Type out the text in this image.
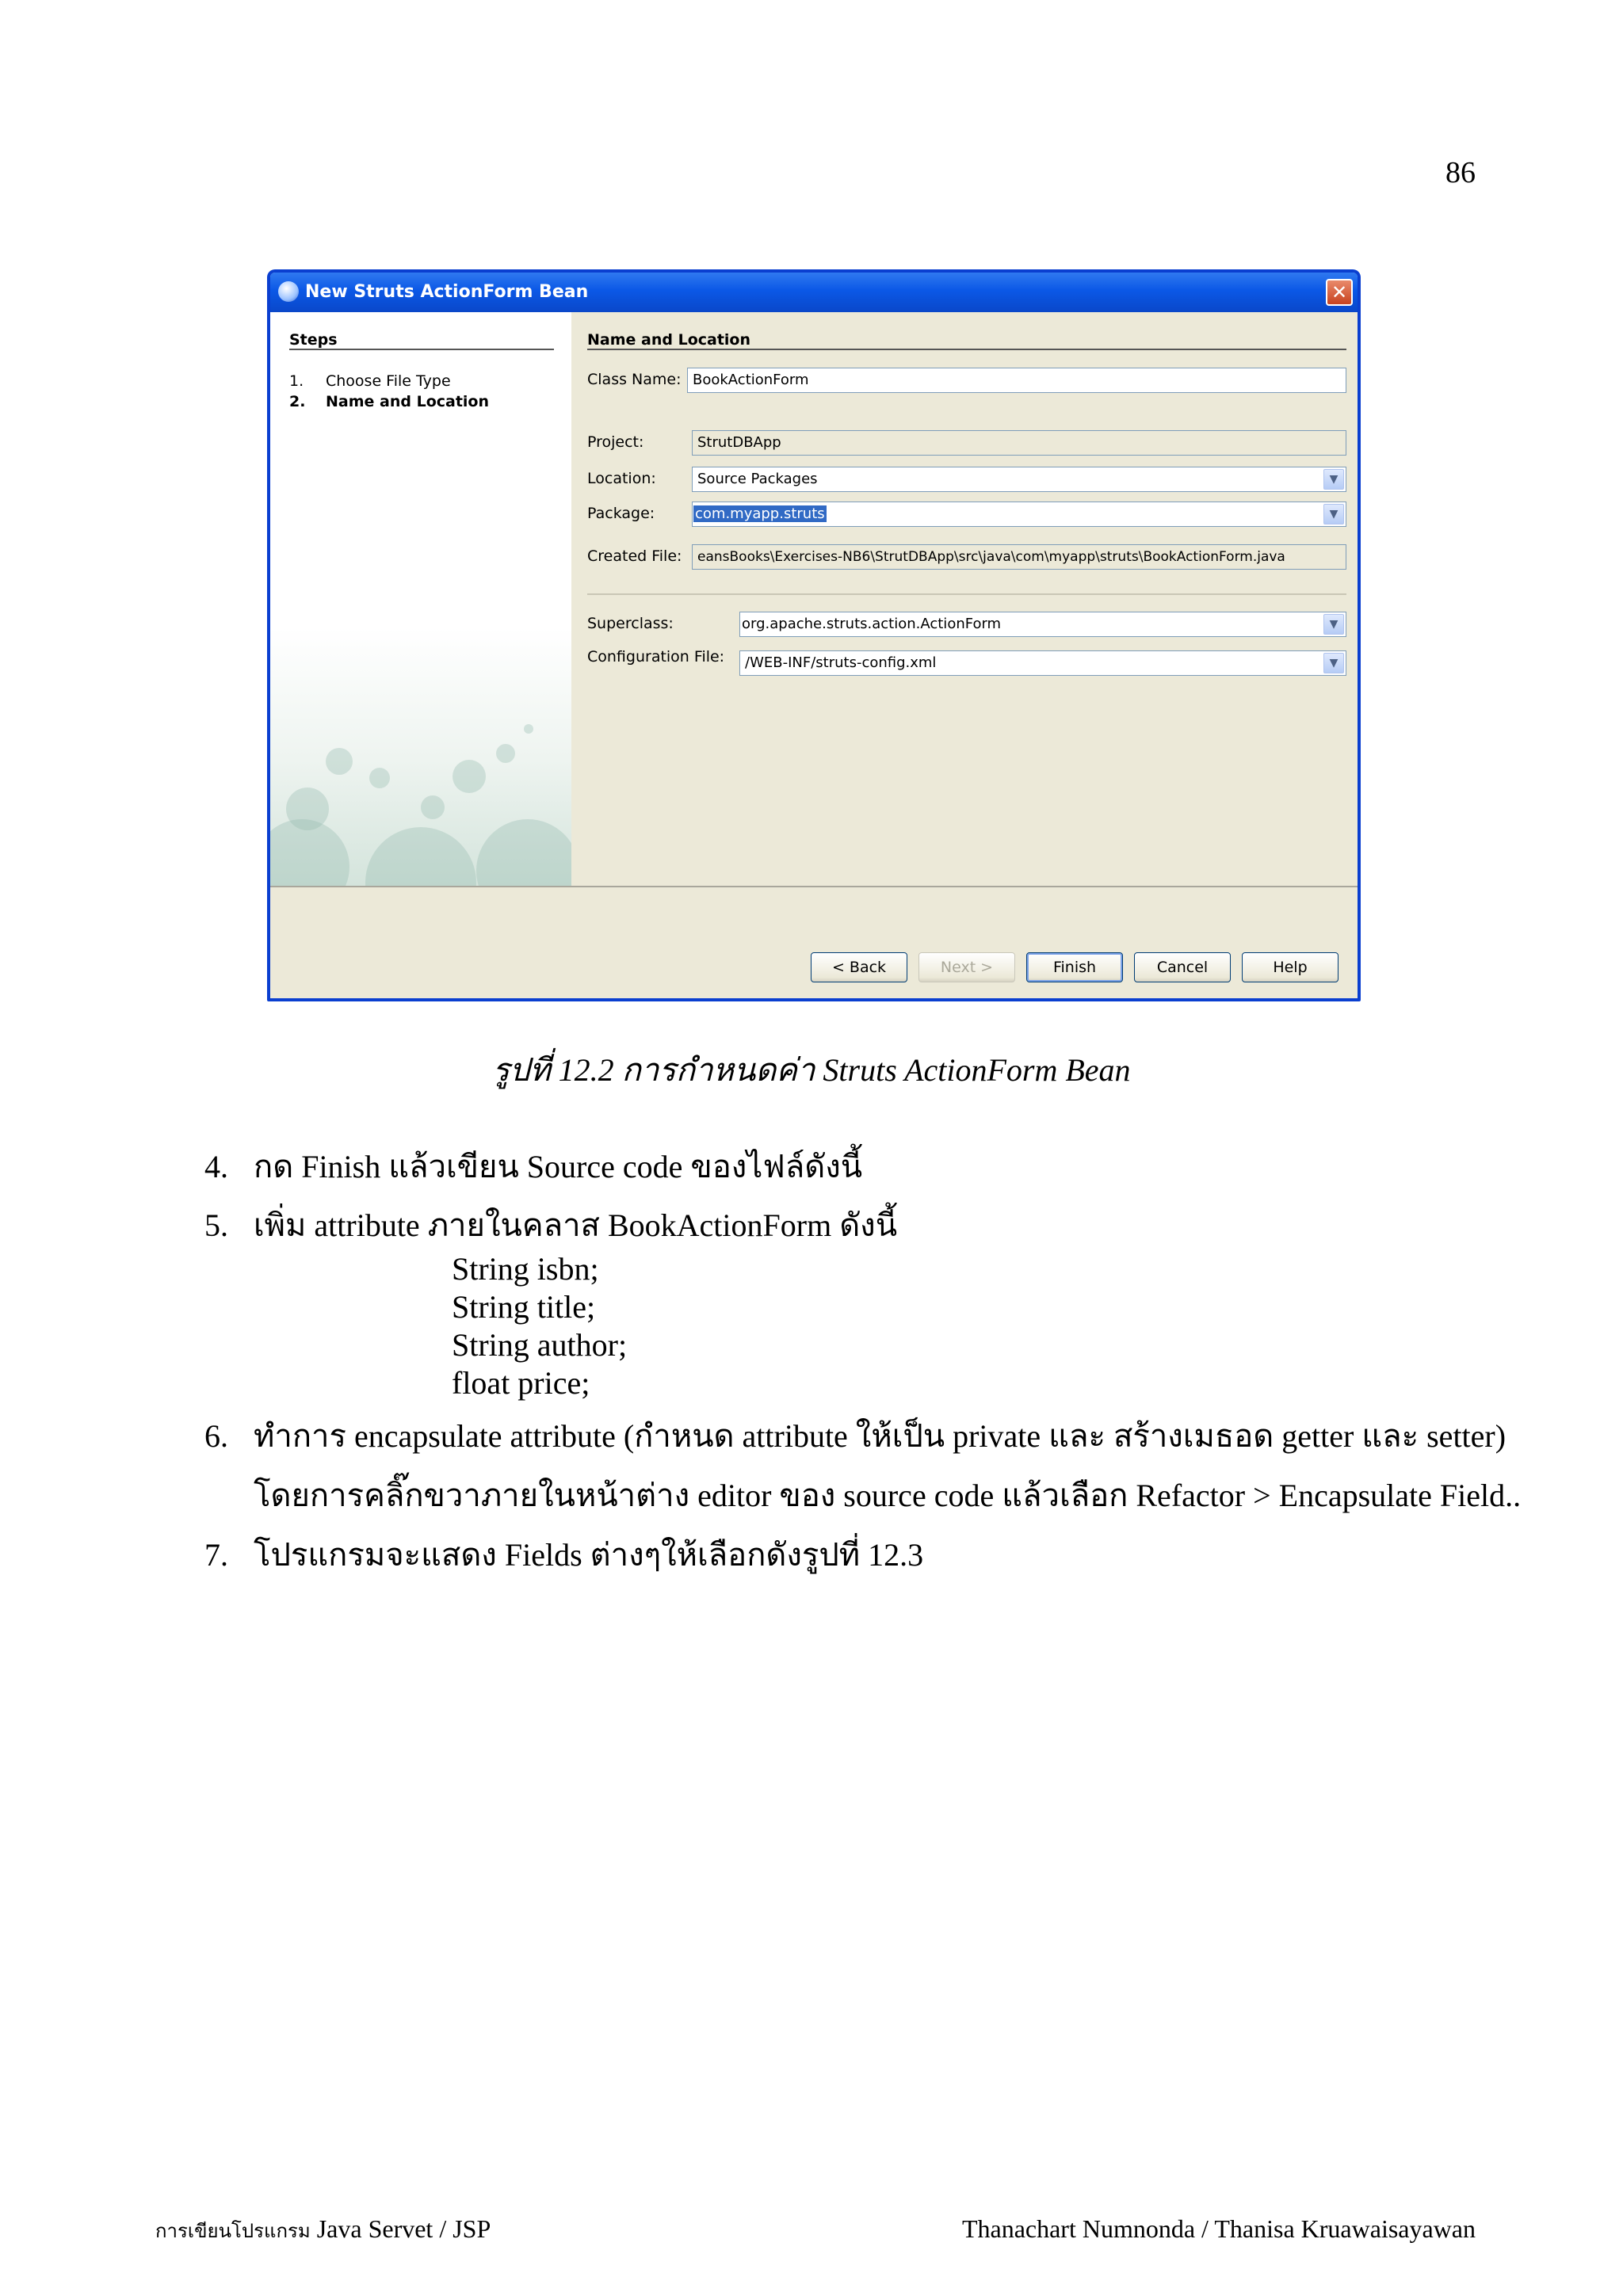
86
New Struts ActionForm Bean	✕
Steps
1. Choose File Type
2. Name and Location
Name and Location
Class Name: BookActionForm
Project:	StrutDBApp
Location:	Source Packages	▼
Package:	com.myapp.struts	▼
Created File:	eansBooks\Exercises-NB6\StrutDBApp\src\java\com\myapp\struts\BookActionForm.java
Superclass:	org.apache.struts.action.ActionForm	▼
Configuration File:	/WEB-INF/struts-config.xml	▼
< Back	Next >	Finish	Cancel	Help
รูปที่ 12.2 การกำหนดค่า Struts ActionForm Bean
4. กด Finish แล้วเขียน Source code ของไฟล์ดังนี้
5. เพิ่ม attribute ภายในคลาส BookActionForm ดังนี้
String isbn;
String title;
String author;
float price;
6. ทำการ encapsulate attribute (กำหนด attribute ให้เป็น private และ สร้างเมธอด getter และ setter)
โดยการคลิ๊กขวาภายในหน้าต่าง editor ของ source code แล้วเลือก Refactor > Encapsulate Field..
7. โปรแกรมจะแสดง Fields ต่างๆให้เลือกดังรูปที่ 12.3
การเขียนโปรแกรม Java Servet / JSP	Thanachart Numnonda / Thanisa Kruawaisayawan
